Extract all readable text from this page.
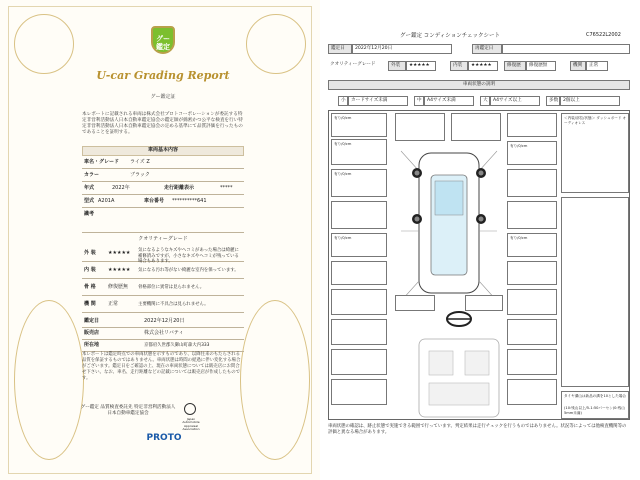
グー鑑定
U-car Grading Report
グー鑑定証
本レポートに記載される車両は株式会社プロトコーポレーションが委託する特定非営利活動法人日本自動車鑑定協会の鑑定師が綿密かつ公平な検査を行い特定非営利活動法人日本自動車鑑定協会の定める基準にて品質評価を行ったものであることを証明する。
車両基本内容
車名・グレード ライズ Z
カラー	ブラック
年式	2022年	走行距離表示	*****
型式 A201A	車台番号 **********641
識考
クオリティーグレード
外 装 ★★★★★ 気になるようなキズやヘコミがあった場合は綺麗に補修済みですが、小さなキズやヘコミが残っている場合もあります。
内 装 ★★★★★ 気になる汚れ等がない綺麗な室内を保っています。
骨 格 修復歴無 骨格部位に異常は見られません。
機 関 正常	主要機関に不具合は見られません。
鑑定日	2022年12月20日
販売店	株式会社リバティ
所在地	京都府久世郡久御山町森大内333
本レポートは鑑定時点での車両状態を示すものであり、以降往来のもたらされる品質を保証するものではありません。車両状態は時間の経過に伴い変化する場合がございます。鑑定日をご確認の上、現在の車両状態については販売店にお問合せ下さい。なお、車名、走行距離などの記載については販売店が作成したものです。
グー鑑定 品質検査委託先 特定非営利活動法人 日本自動車鑑定協会
Japan Automobile Appraisal Association
PROTO
グー鑑定 コンディションチェックシート	C76522L2002
鑑定日	2022年12月20日	再鑑定日
クオリティーグレード	外装	★★★★★	内装	★★★★★	修復歴	修復歴無	機関	正常
車両状態の説明
小	カードサイズ未満	中	A4サイズ未満	大	A4サイズ以上	多数	2個以上
有り/0/cm
有り/0/cm
有り/0/cm
有り/0/cm
有り/0/cm
有り/0/cm
＜内装/部位/状態＞ ダッシュボード オーディオレス
タイヤ溝山は新品の溝を10とした場合
(10:残山以上/5-1:50パーセン(0:残山5mm未満)
車両状態の確認は、跡止状態で実施できる範囲で行っています。判定結果は走行チェックを行うものではありません。状況等によっては他検査機関等の評価と異なる場合があります。
